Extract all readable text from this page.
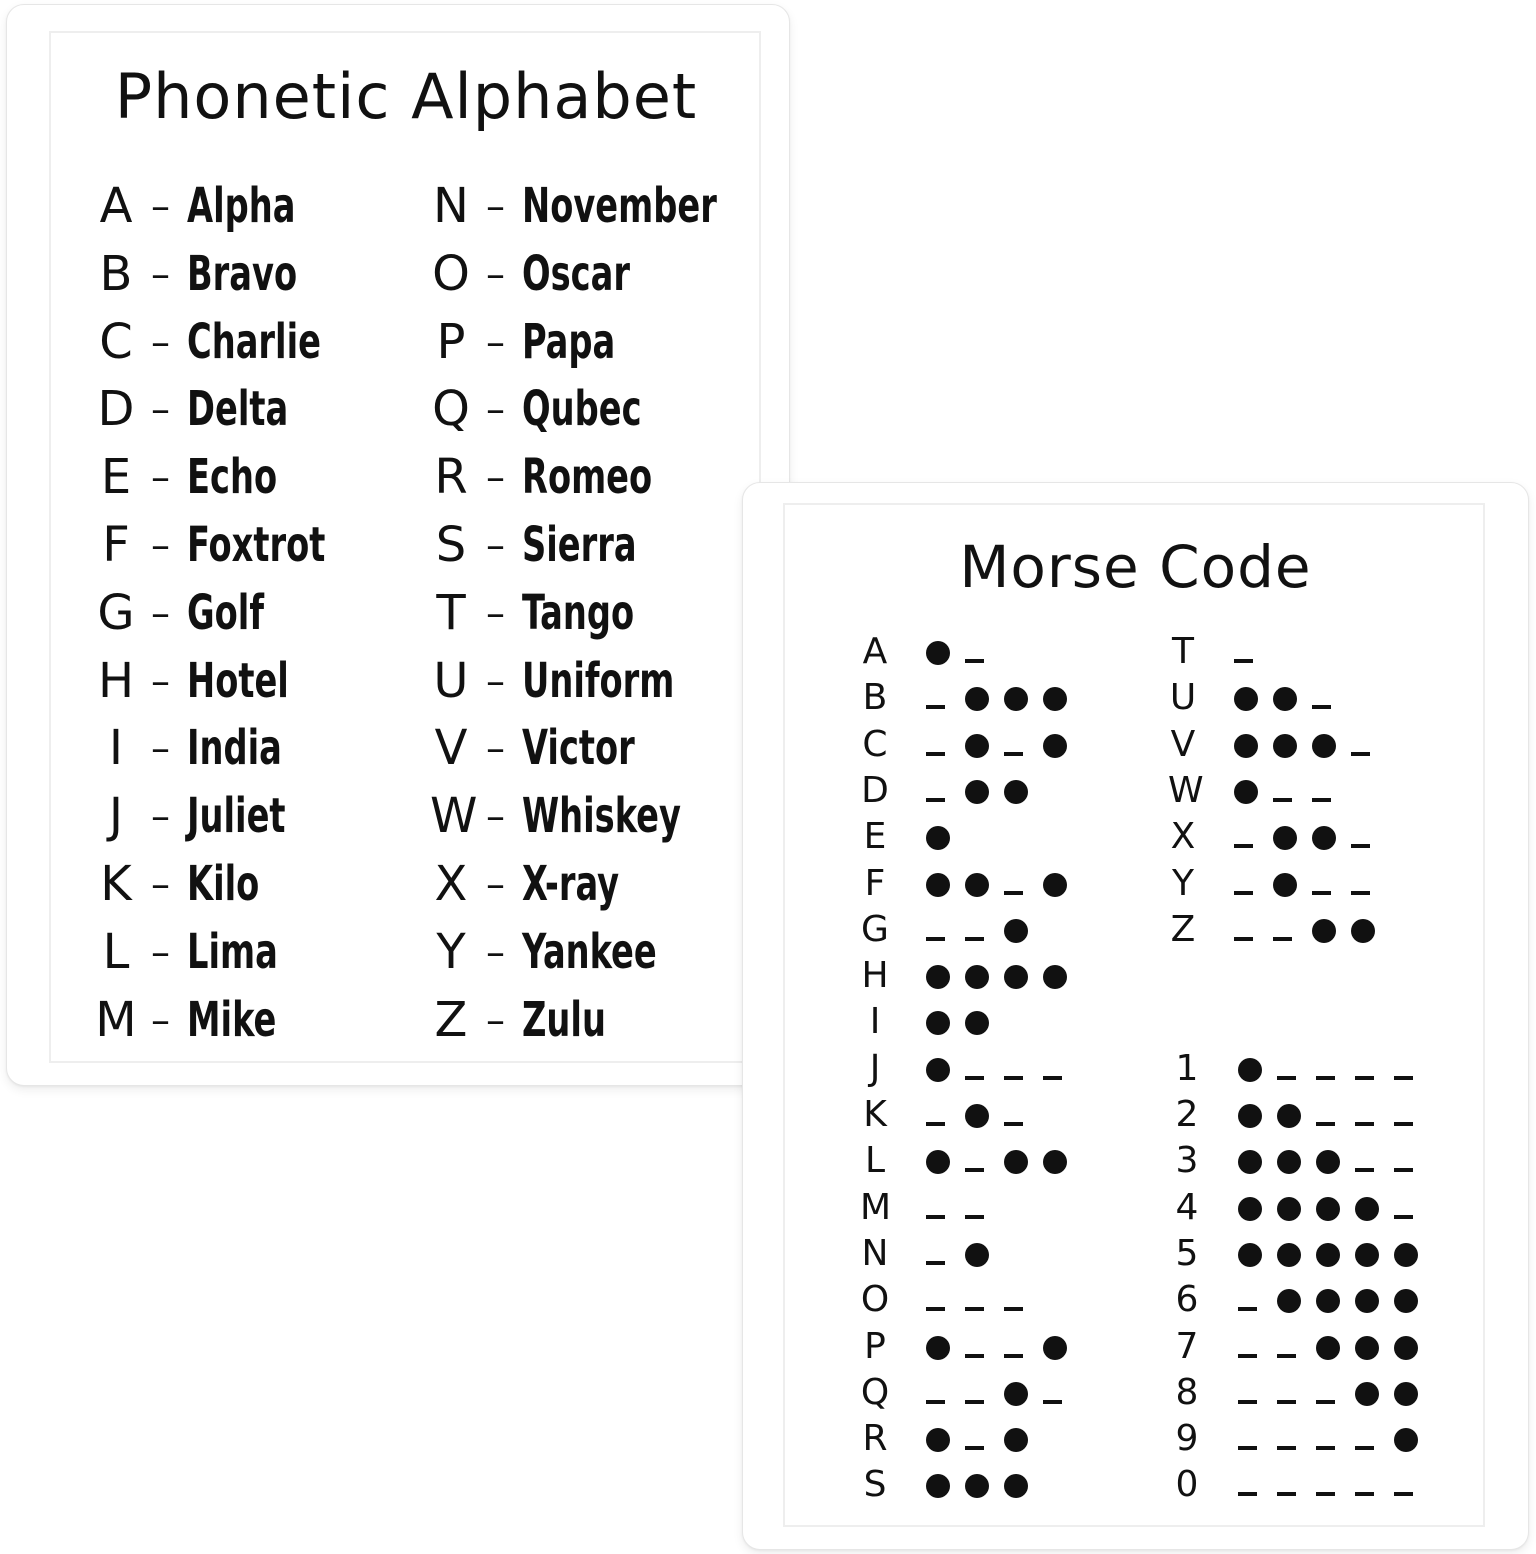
Phonetic Alphabet
Morse Code
A – Alpha
B – Bravo
C – Charlie
D – Delta
E – Echo
F – Foxtrot
G – Golf
H – Hotel
I – India
J – Juliet
K – Kilo
L – Lima
M – Mike
N – November
O – Oscar
P – Papa
Q – Qubec
R – Romeo
S – Sierra
T – Tango
U – Uniform
V – Victor
W – Whiskey
X – X-ray
Y – Yankee
Z – Zulu
A
B
C
D
E
F
G
H
I
J
K
L
M
N
O
P
Q
R
S
T
U
V
W
X
Y
Z
1
2
3
4
5
6
7
8
9
0
